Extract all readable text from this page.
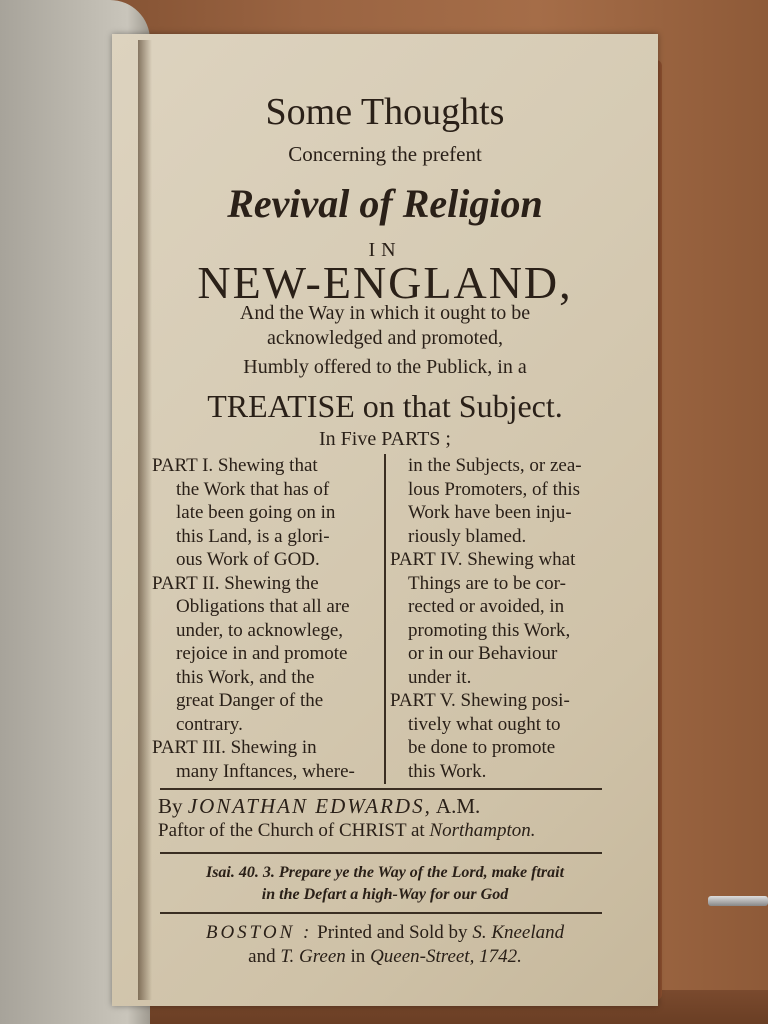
Some Thoughts
Concerning the prefent
Revival of Religion
IN
NEW-ENGLAND,
And the Way in which it ought to be
acknowledged and promoted,
Humbly offered to the Publick, in a
TREATISE on that Subject.
In Five PARTS ;
PART I. Shewing that
the Work that has of
late been going on in
this Land, is a glori-
ous Work of GOD.
PART II. Shewing the
Obligations that all are
under, to acknowlege,
rejoice in and promote
this Work, and the
great Danger of the
contrary.
PART III. Shewing in
many Inftances, where-
in the Subjects, or zea-
lous Promoters, of this
Work have been inju-
riously blamed.
PART IV. Shewing what
Things are to be cor-
rected or avoided, in
promoting this Work,
or in our Behaviour
under it.
PART V. Shewing posi-
tively what ought to
be done to promote
this Work.
By JONATHAN EDWARDS, A.M.
Paftor of the Church of CHRIST at Northampton.
Isai. 40. 3. Prepare ye the Way of the Lord, make ftrait
in the Defart a high-Way for our God
BOSTON : Printed and Sold by S. Kneeland
and T. Green in Queen-Street, 1742.
